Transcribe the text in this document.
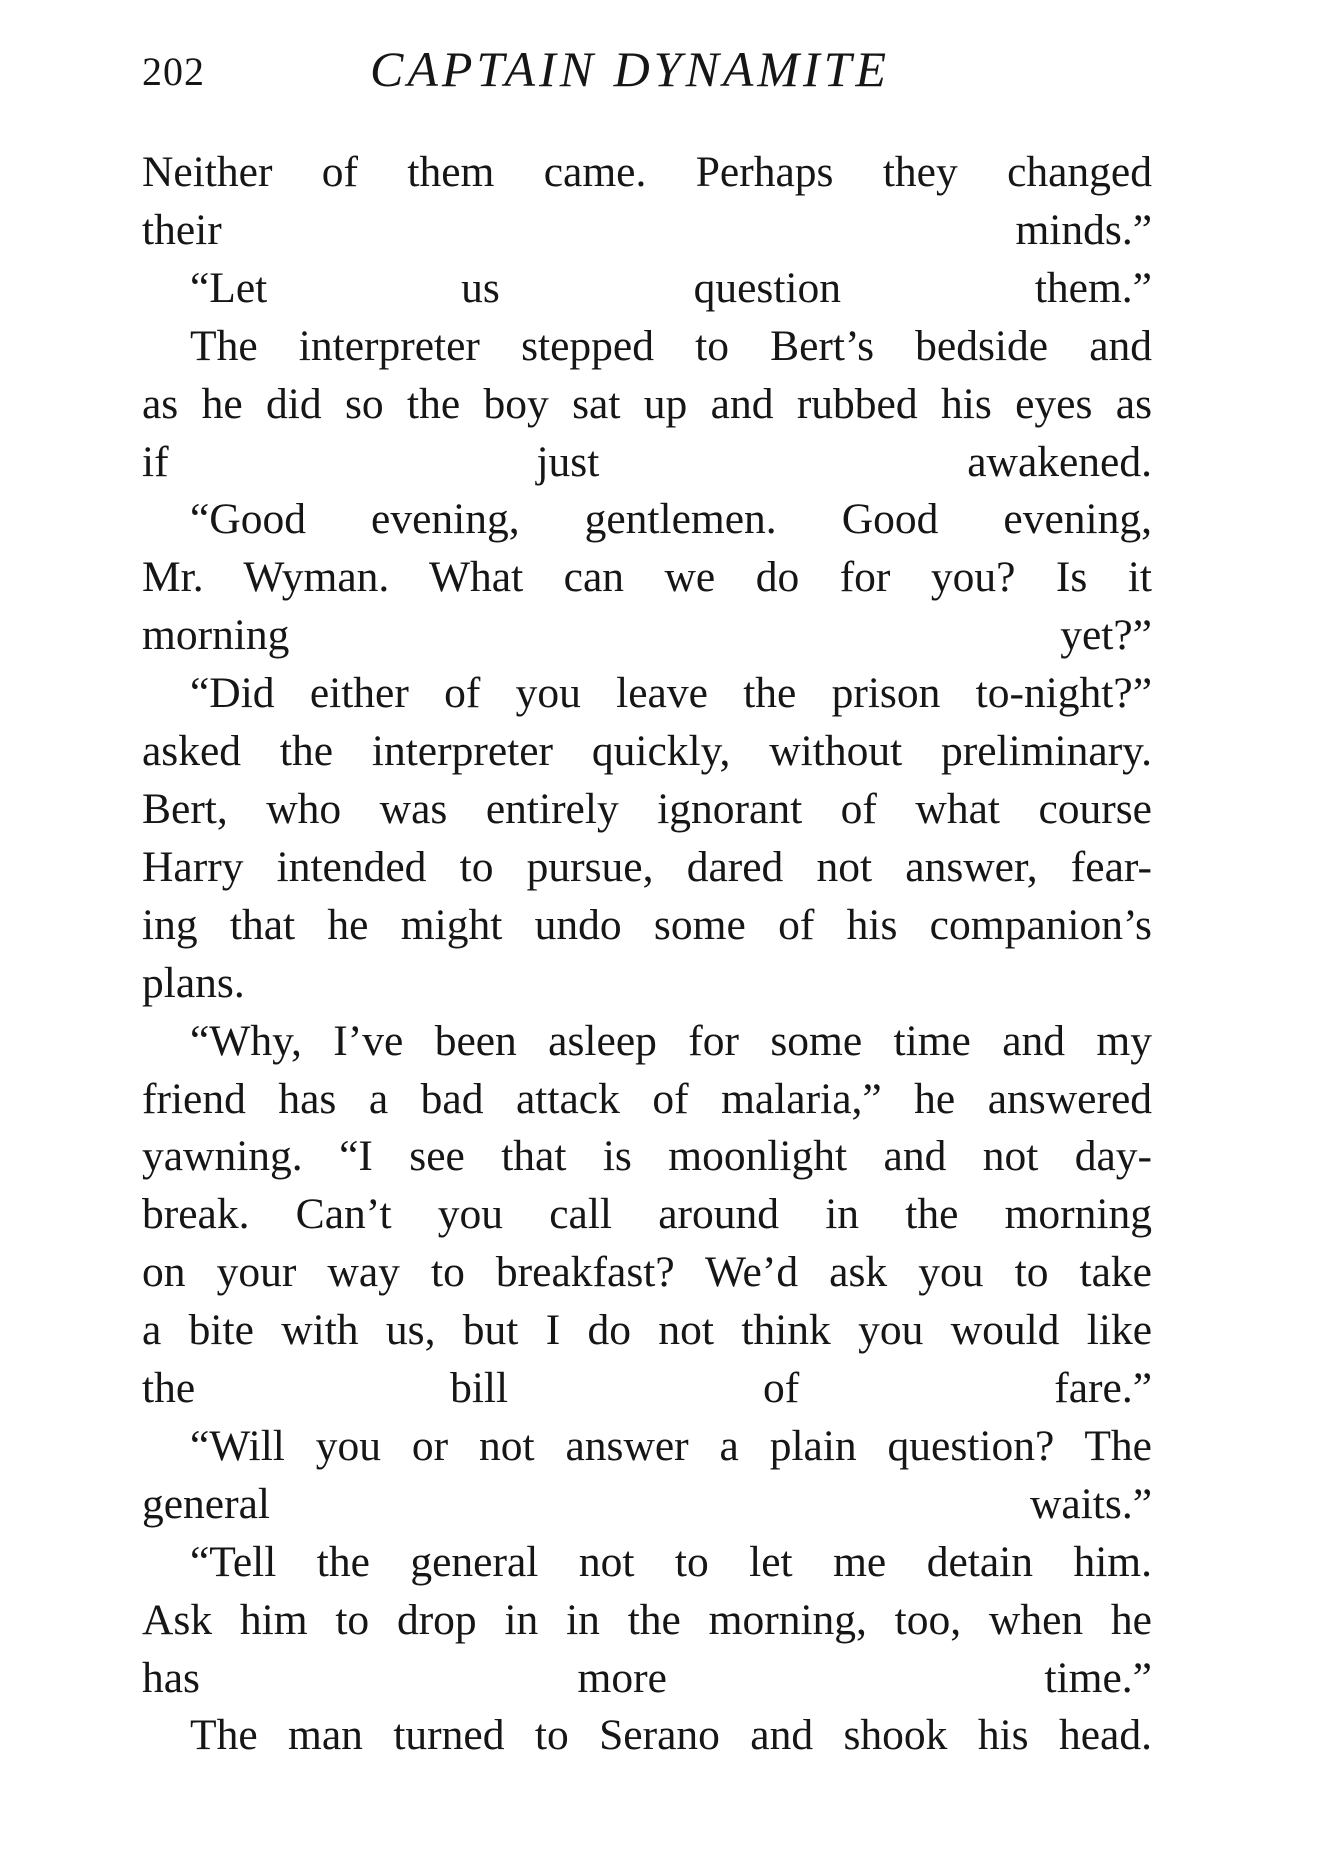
202	CAPTAIN DYNAMITE

Neither of them came. Perhaps they changed
their minds.”

“Let us question them.”

The interpreter stepped to Bert’s bedside and
as he did so the boy sat up and rubbed his eyes as
if just awakened.

“Good evening, gentlemen. Good evening,
Mr. Wyman. What can we do for you? Is it
morning yet?”

“Did either of you leave the prison to-night?”
asked the interpreter quickly, without preliminary.
Bert, who was entirely ignorant of what course
Harry intended to pursue, dared not answer, fear-
ing that he might undo some of his companion’s
plans.

“Why, I’ve been asleep for some time and my
friend has a bad attack of malaria,” he answered
yawning. “I see that is moonlight and not day-
break. Can’t you call around in the morning
on your way to breakfast? We’d ask you to take
a bite with us, but I do not think you would like
the bill of fare.”

“Will you or not answer a plain question? The
general waits.”

“Tell the general not to let me detain him.
Ask him to drop in in the morning, too, when he
has more time.”

The man turned to Serano and shook his head.
